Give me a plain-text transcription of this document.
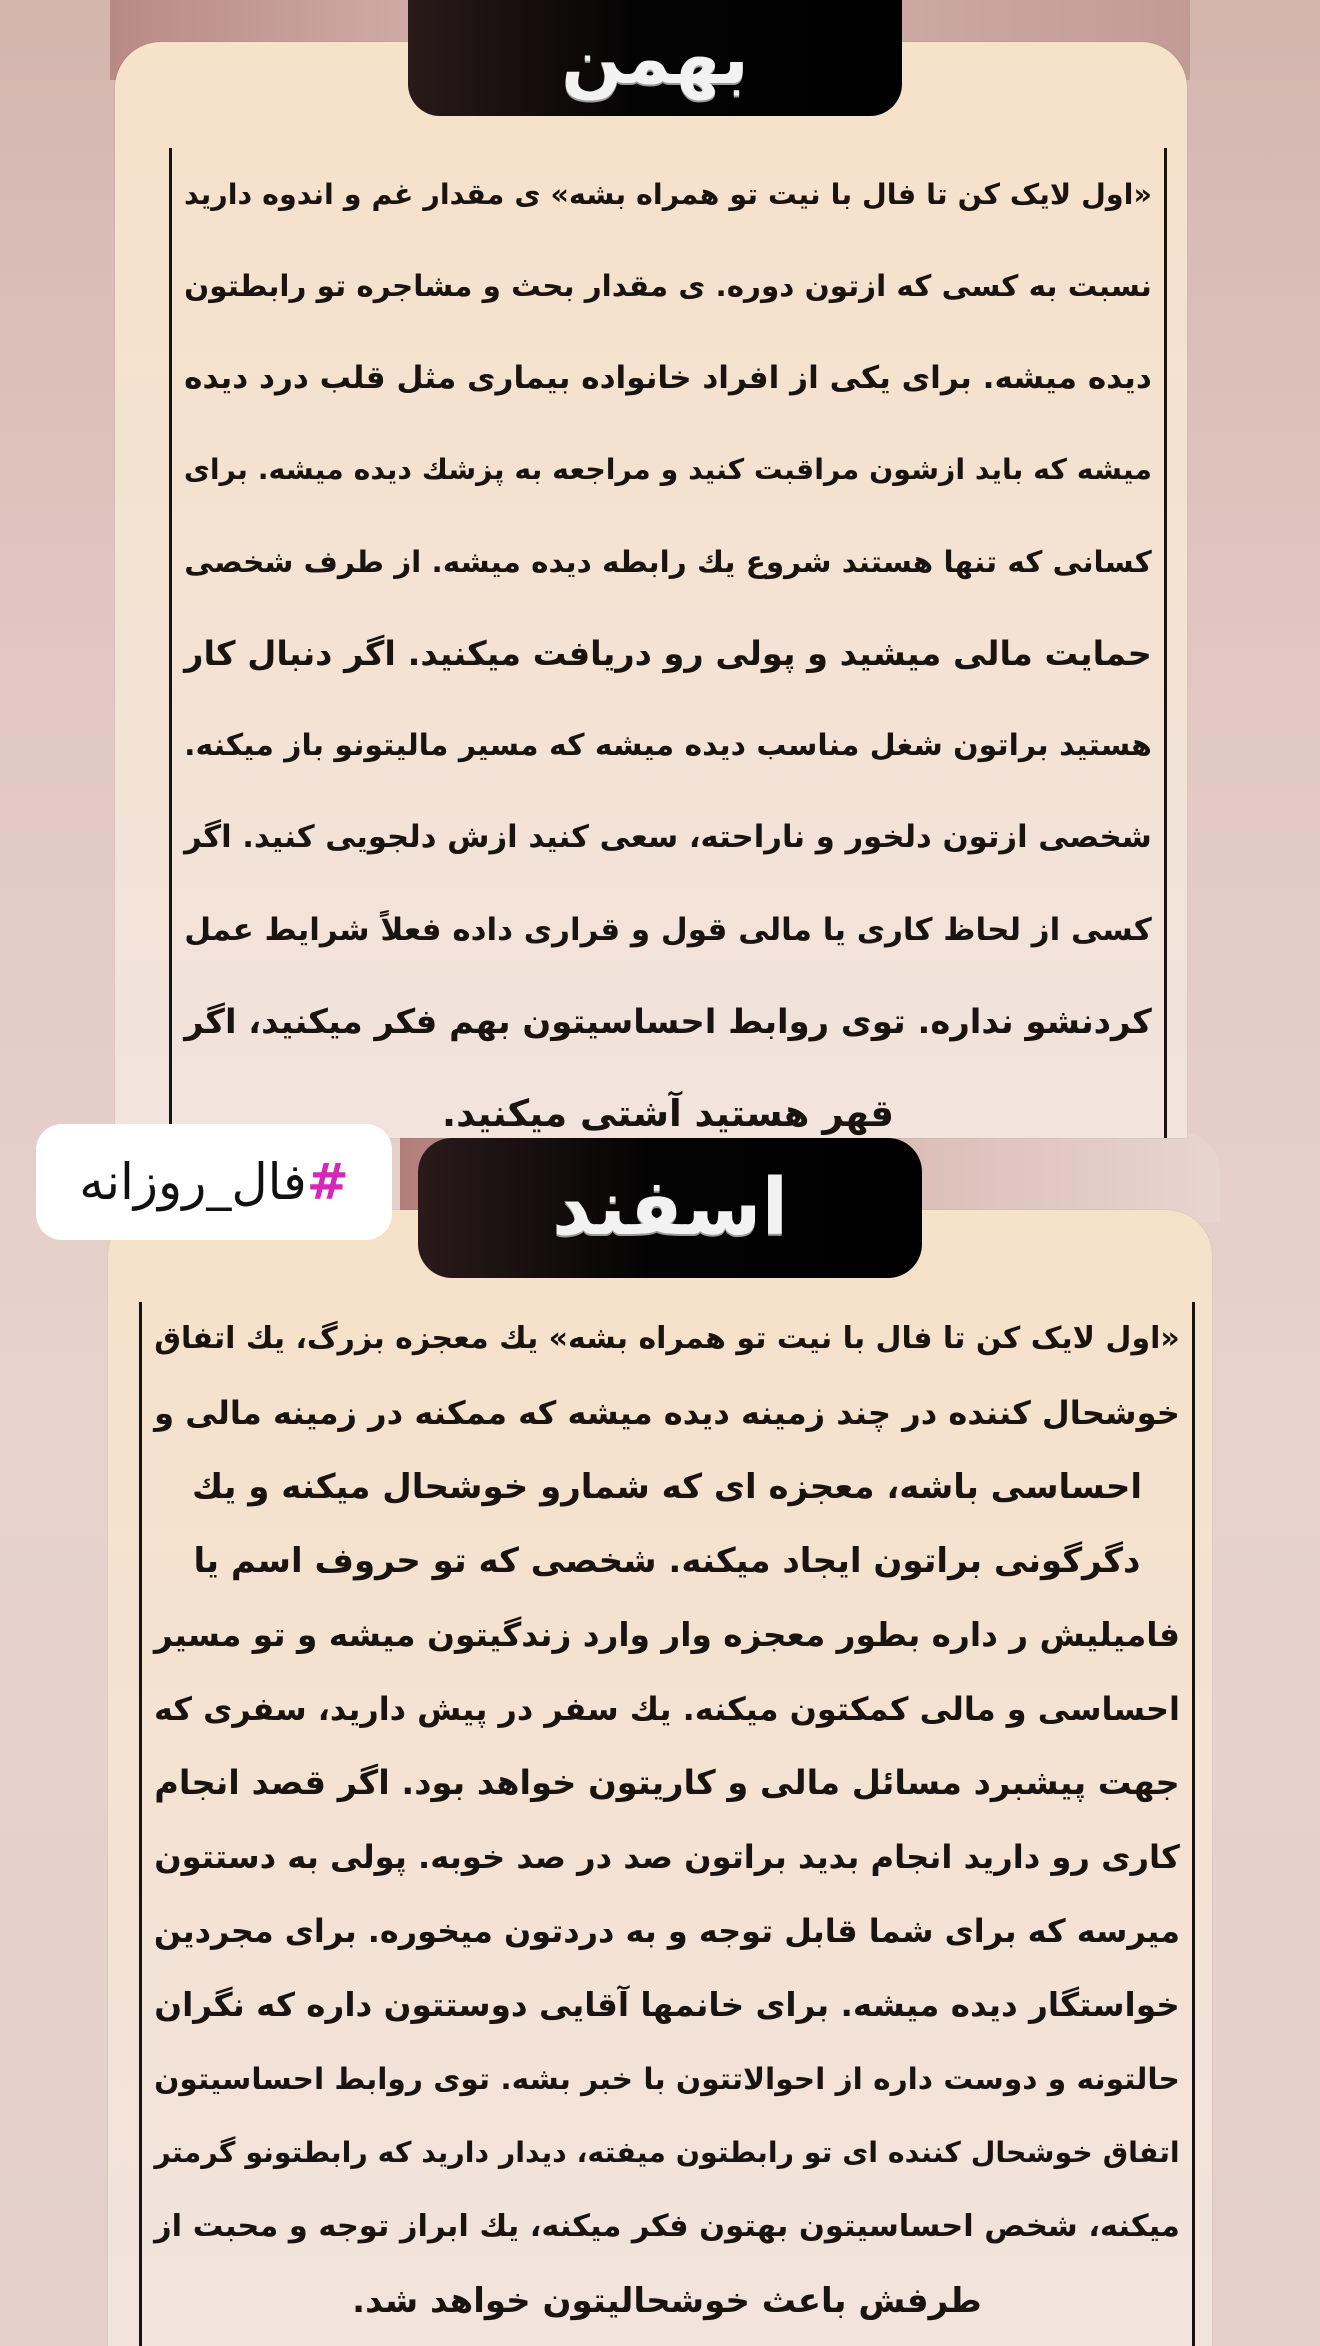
بهمن
«اول لایک کن تا فال با نیت تو همراه بشه» ی مقدار غم و اندوه دارید
نسبت به کسی که ازتون دوره. ی مقدار بحث و مشاجره تو رابطتون
دیده میشه. برای یکی از افراد خانواده بیماری مثل قلب درد دیده
میشه که باید ازشون مراقبت کنید و مراجعه به پزشك دیده میشه. برای
کسانی که تنها هستند شروع یك رابطه دیده میشه. از طرف شخصی
حمایت مالی میشید و پولی رو دریافت میکنید. اگر دنبال کار
هستید براتون شغل مناسب دیده میشه که مسیر مالیتونو باز میکنه.
شخصی ازتون دلخور و ناراحته، سعی کنید ازش دلجویی کنید. اگر
کسی از لحاظ کاری یا مالی قول و قراری داده فعلاً شرایط عمل
کردنشو نداره. توی روابط احساسیتون بهم فکر میکنید، اگر
قهر هستید آشتی میکنید.
اسفند
«اول لایک کن تا فال با نیت تو همراه بشه» یك معجزه بزرگ، یك اتفاق
خوشحال کننده در چند زمینه دیده میشه که ممکنه در زمینه مالی و
احساسی باشه، معجزه ای که شمارو خوشحال میکنه و یك
دگرگونی براتون ایجاد میکنه. شخصی که تو حروف اسم یا
فامیلیش ر داره بطور معجزه وار وارد زندگیتون میشه و تو مسیر
احساسی و مالی کمکتون میکنه. یك سفر در پیش دارید، سفری که
جهت پیشبرد مسائل مالی و کاریتون خواهد بود. اگر قصد انجام
کاری رو دارید انجام بدید براتون صد در صد خوبه. پولی به دستتون
میرسه که برای شما قابل توجه و به دردتون میخوره. برای مجردین
خواستگار دیده میشه. برای خانمها آقایی دوستتون داره که نگران
حالتونه و دوست داره از احوالاتتون با خبر بشه. توی روابط احساسیتون
اتفاق خوشحال کننده ای تو رابطتون میفته، دیدار دارید که رابطتونو گرمتر
میکنه، شخص احساسیتون بهتون فکر میکنه، یك ابراز توجه و محبت از
طرفش باعث خوشحالیتون خواهد شد.
#
فال_روزانه
